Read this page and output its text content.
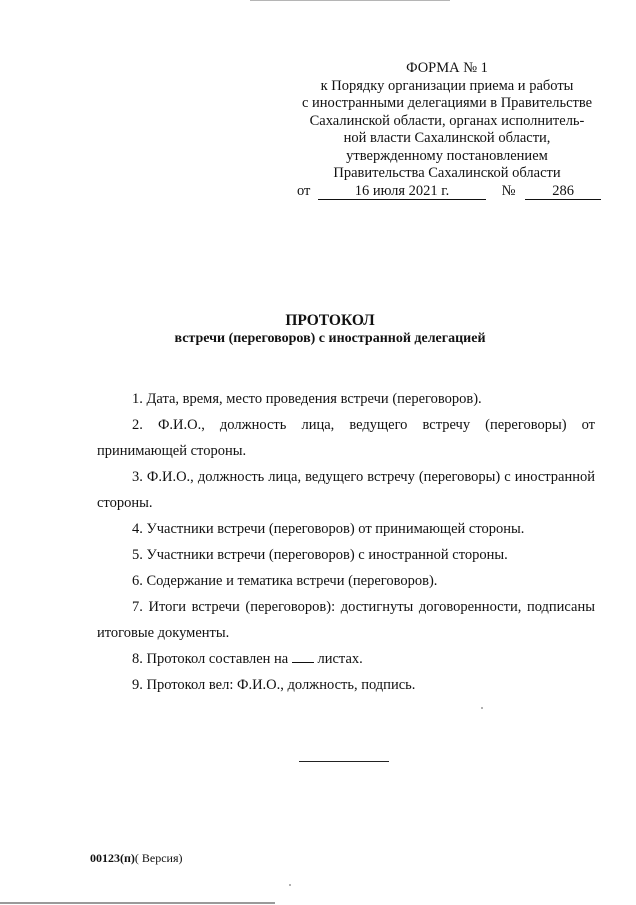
ФОРМА № 1
к Порядку организации приема и работы
с иностранными делегациями в Правительстве
Сахалинской области, органах исполнитель-
ной власти Сахалинской области,
утвержденному постановлением
Правительства Сахалинской области
от	16 июля 2021 г.	№	286
ПРОТОКОЛ
встречи (переговоров) с иностранной делегацией

1. Дата, время, место проведения встречи (переговоров).

2. Ф.И.О., должность лица, ведущего встречу (переговоры) от принимающей стороны.

3. Ф.И.О., должность лица, ведущего встречу (переговоры) с иностранной стороны.

4. Участники встречи (переговоров) от принимающей стороны.

5. Участники встречи (переговоров) с иностранной стороны.

6. Содержание и тематика встречи (переговоров).

7. Итоги встречи (переговоров): достигнуты договоренности, подписаны итоговые документы.

8. Протокол составлен на листах.

9. Протокол вел: Ф.И.О., должность, подпись.

00123(п)( Версия)
